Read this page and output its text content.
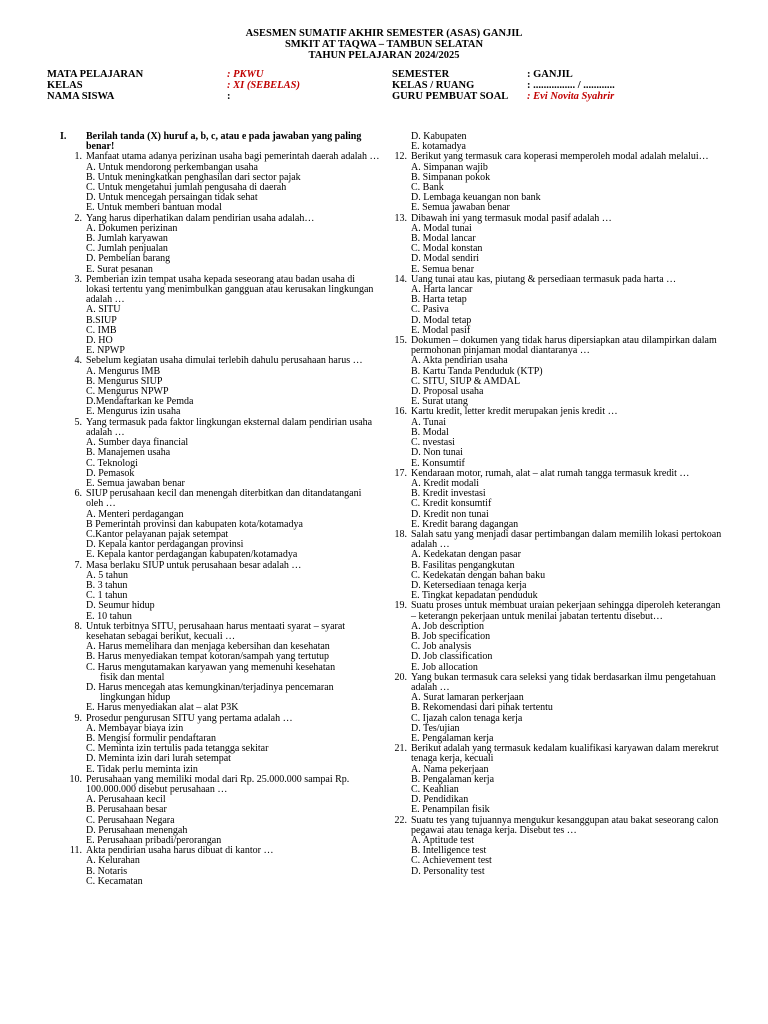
ASESMEN SUMATIF AKHIR SEMESTER (ASAS) GANJIL
SMKIT AT TAQWA – TAMBUN SELATAN
TAHUN PELAJARAN 2024/2025
MATA PELAJARAN	: PKWU	SEMESTER	: GANJIL
KELAS	: XI (SEBELAS)	KELAS / RUANG	: ................ / ............
NAMA SISWA	:	GURU PEMBUAT SOAL	: Evi Novita Syahrir
I.	Berilah tanda (X) huruf a, b, c, atau e pada jawaban yang paling benar!
1. Manfaat utama adanya perizinan usaha bagi pemerintah daerah adalah …
A. Untuk mendorong perkembangan usaha
B. Untuk meningkatkan penghasilan dari sector pajak
C. Untuk mengetahui jumlah pengusaha di daerah
D. Untuk mencegah persaingan tidak sehat
E. Untuk memberi bantuan modal
2. Yang harus diperhatikan dalam pendirian usaha adalah…
A. Dokumen perizinan
B. Jumlah karyawan
C. Jumlah penjualan
D. Pembelian barang
E. Surat pesanan
3. Pemberian izin tempat usaha kepada seseorang atau badan usaha di lokasi tertentu yang menimbulkan gangguan atau kerusakan lingkungan adalah …
A. SITU
B.SIUP
C. IMB
D. HO
E. NPWP
4. Sebelum kegiatan usaha dimulai terlebih dahulu perusahaan harus …
A. Mengurus IMB
B. Mengurus SIUP
C. Mengurus NPWP
D.Mendaftarkan ke Pemda
E. Mengurus izin usaha
5. Yang termasuk pada faktor lingkungan eksternal dalam pendirian usaha adalah …
A. Sumber daya financial
B. Manajemen usaha
C. Teknologi
D. Pemasok
E. Semua jawaban benar
6. SIUP perusahaan kecil dan menengah diterbitkan dan ditandatangani oleh …
A. Menteri perdagangan
B Pemerintah provinsi dan kabupaten kota/kotamadya
C.Kantor pelayanan pajak setempat
D. Kepala kantor perdagangan provinsi
E. Kepala kantor perdagangan kabupaten/kotamadya
7. Masa berlaku SIUP untuk perusahaan besar adalah …
A. 5 tahun
B. 3 tahun
C. 1 tahun
D. Seumur hidup
E. 10 tahun
8. Untuk terbitnya SITU, perusahaan harus mentaati syarat – syarat kesehatan sebagai berikut, kecuali …
A. Harus memelihara dan menjaga kebersihan dan kesehatan
B. Harus menyediakan tempat kotoran/sampah yang tertutup
C. Harus mengutamakan karyawan yang memenuhi kesehatan
fisik dan mental
D. Harus mencegah atas kemungkinan/terjadinya pencemaran
lingkungan hidup
E. Harus menyediakan alat – alat P3K
9. Prosedur pengurusan SITU yang pertama adalah …
A. Membayar biaya izin
B. Mengisi formulir pendaftaran
C. Meminta izin tertulis pada tetangga sekitar
D. Meminta izin dari lurah setempat
E. Tidak perlu meminta izin
10. Perusahaan yang memiliki modal dari Rp. 25.000.000 sampai Rp. 100.000.000 disebut perusahaan …
A. Perusahaan kecil
B. Perusahaan besar
C. Perusahaan Negara
D. Perusahaan menengah
E. Perusahaan pribadi/perorangan
11. Akta pendirian usaha harus dibuat di kantor …
A. Kelurahan
B. Notaris
C. Kecamatan
D. Kabupaten
E. kotamadya
12. Berikut yang termasuk cara koperasi memperoleh modal adalah melalui…
A. Simpanan wajib
B. Simpanan pokok
C. Bank
D. Lembaga keuangan non bank
E. Semua jawaban benar
13. Dibawah ini yang termasuk modal pasif adalah …
A. Modal tunai
B. Modal lancar
C. Modal konstan
D. Modal sendiri
E. Semua benar
14. Uang tunai atau kas, piutang & persediaan termasuk pada harta …
A. Harta lancar
B. Harta tetap
C. Pasiva
D. Modal tetap
E. Modal pasif
15. Dokumen – dokumen yang tidak harus dipersiapkan atau dilampirkan dalam permohonan pinjaman modal diantaranya …
A. Akta pendirian usaha
B. Kartu Tanda Penduduk (KTP)
C. SITU, SIUP & AMDAL
D. Proposal usaha
E. Surat utang
16. Kartu kredit, letter kredit merupakan jenis kredit …
A. Tunai
B. Modal
C. nvestasi
D. Non tunai
E. Konsumtif
17. Kendaraan motor, rumah, alat – alat rumah tangga termasuk kredit …
A. Kredit modali
B. Kredit investasi
C. Kredit konsumtif
D. Kredit non tunai
E. Kredit barang dagangan
18. Salah satu yang menjadi dasar pertimbangan dalam memilih lokasi pertokoan adalah …
A. Kedekatan dengan pasar
B. Fasilitas pengangkutan
C. Kedekatan dengan bahan baku
D. Ketersediaan tenaga kerja
E. Tingkat kepadatan penduduk
19. Suatu proses untuk membuat uraian pekerjaan sehingga diperoleh keterangan – keterangn pekerjaan untuk menilai jabatan tertentu disebut…
A. Job description
B. Job specification
C. Job analysis
D. Job classification
E. Job allocation
20. Yang bukan termasuk cara seleksi yang tidak berdasarkan ilmu pengetahuan adalah …
A. Surat lamaran perkerjaan
B. Rekomendasi dari pihak tertentu
C. Ijazah calon tenaga kerja
D. Tes/ujian
E. Pengalaman kerja
21. Berikut adalah yang termasuk kedalam kualifikasi karyawan dalam merekrut tenaga kerja, kecuali
A. Nama pekerjaan
B. Pengalaman kerja
C. Keahlian
D. Pendidikan
E. Penampilan fisik
22. Suatu tes yang tujuannya mengukur kesanggupan atau bakat seseorang calon pegawai atau tenaga kerja. Disebut tes …
A. Aptitude test
B. Intelligence test
C. Achievement test
D. Personality test
